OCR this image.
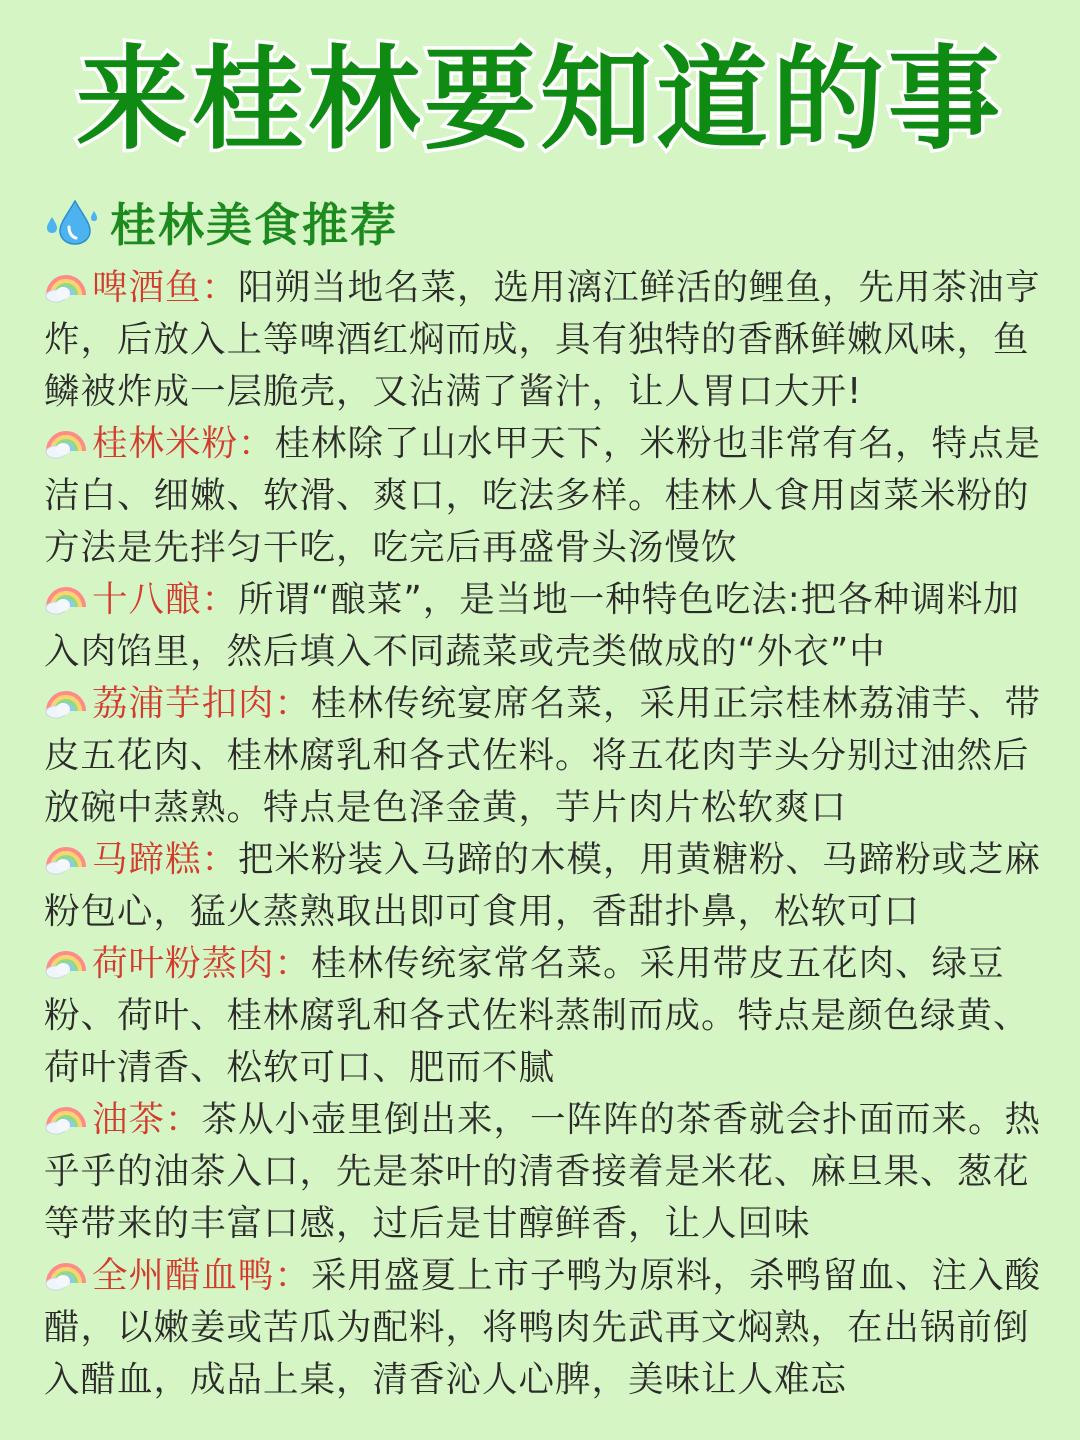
来桂林要知道的事
桂林美食推荐

啤酒鱼：阳朔当地名菜，选用漓江鲜活的鲤鱼，先用茶油亨炸，后放入上等啤酒红焖而成，具有独特的香酥鲜嫩风味，鱼鳞被炸成一层脆壳，又沾满了酱汁，让人胃口大开!

桂林米粉：桂林除了山水甲天下，米粉也非常有名，特点是洁白、细嫩、软滑、爽口，吃法多样。桂林人食用卤菜米粉的方法是先拌匀干吃，吃完后再盛骨头汤慢饮

十八酿：所谓“酿菜”，是当地一种特色吃法:把各种调料加入肉馅里，然后填入不同蔬菜或壳类做成的“外衣”中

荔浦芋扣肉：桂林传统宴席名菜，采用正宗桂林荔浦芋、带皮五花肉、桂林腐乳和各式佐料。将五花肉芋头分别过油然后放碗中蒸熟。特点是色泽金黄，芋片肉片松软爽口

马蹄糕：把米粉装入马蹄的木模，用黄糖粉、马蹄粉或芝麻粉包心，猛火蒸熟取出即可食用，香甜扑鼻，松软可口

荷叶粉蒸肉：桂林传统家常名菜。采用带皮五花肉、绿豆粉、荷叶、桂林腐乳和各式佐料蒸制而成。特点是颜色绿黄、荷叶清香、松软可口、肥而不腻

油茶：茶从小壶里倒出来，一阵阵的茶香就会扑面而来。热乎乎的油茶入口，先是茶叶的清香接着是米花、麻旦果、葱花等带来的丰富口感，过后是甘醇鲜香，让人回味

全州醋血鸭：采用盛夏上市子鸭为原料，杀鸭留血、注入酸醋，以嫩姜或苦瓜为配料，将鸭肉先武再文焖熟，在出锅前倒入醋血，成品上桌，清香沁人心脾，美味让人难忘
